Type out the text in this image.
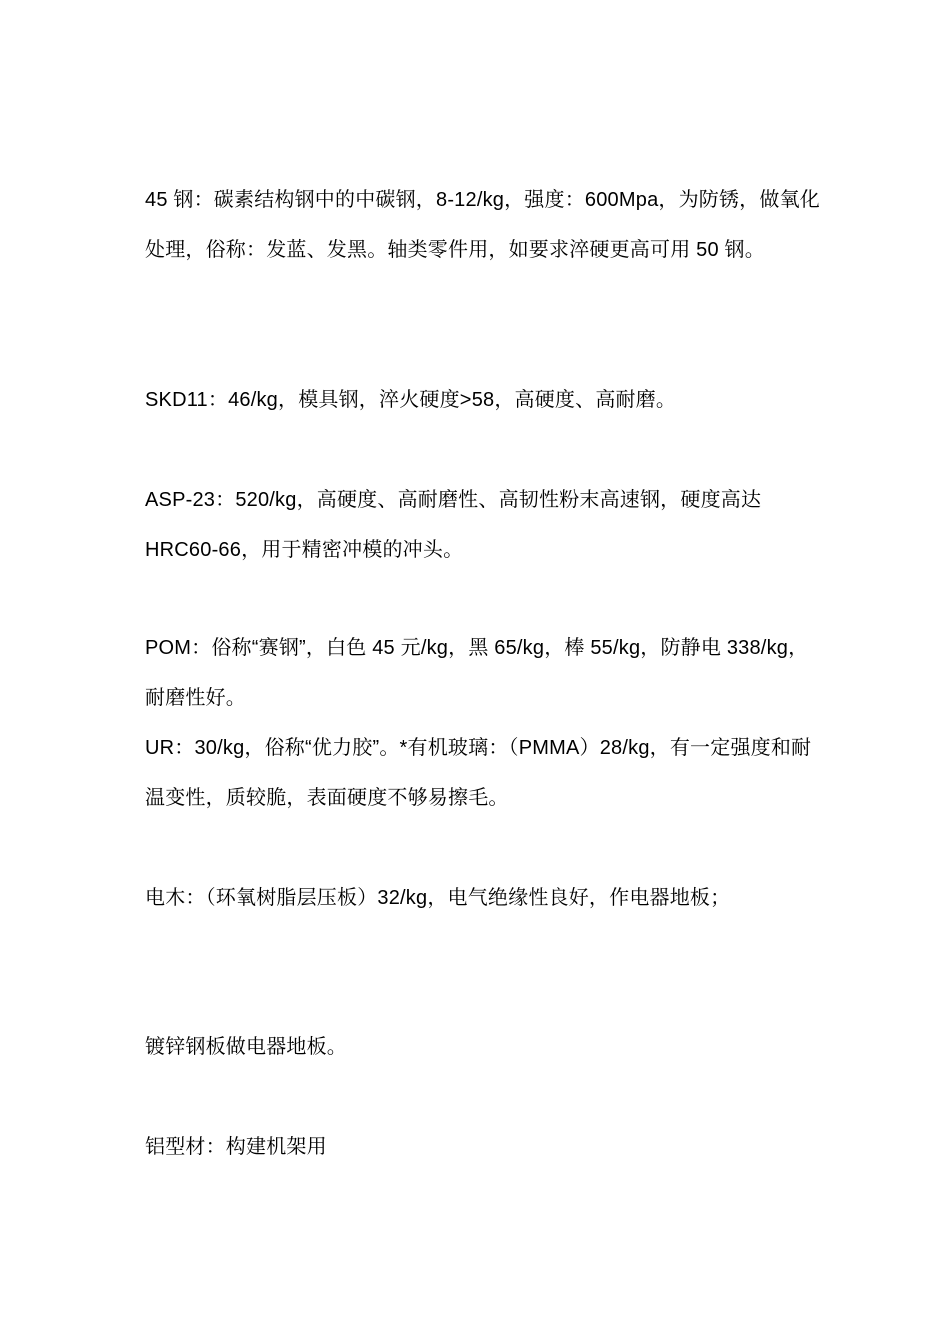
45 钢：碳素结构钢中的中碳钢，8-12/kg，强度：600Mpa，为防锈，做氧化处理，俗称：发蓝、发黑。轴类零件用，如要求淬硬更高可用 50 钢。

SKD11：46/kg，模具钢，淬火硬度>58，高硬度、高耐磨。

ASP-23：520/kg，高硬度、高耐磨性、高韧性粉末高速钢，硬度高达 HRC60-66，用于精密冲模的冲头。

POM：俗称“赛钢”，白色 45 元/kg，黑 65/kg，棒 55/kg，防静电 338/kg，耐磨性好。

UR：30/kg，俗称“优力胶”。*有机玻璃：（PMMA）28/kg，有一定强度和耐温变性，质较脆，表面硬度不够易擦毛。

电木：（环氧树脂层压板）32/kg，电气绝缘性良好，作电器地板；

镀锌钢板做电器地板。

铝型材：构建机架用
